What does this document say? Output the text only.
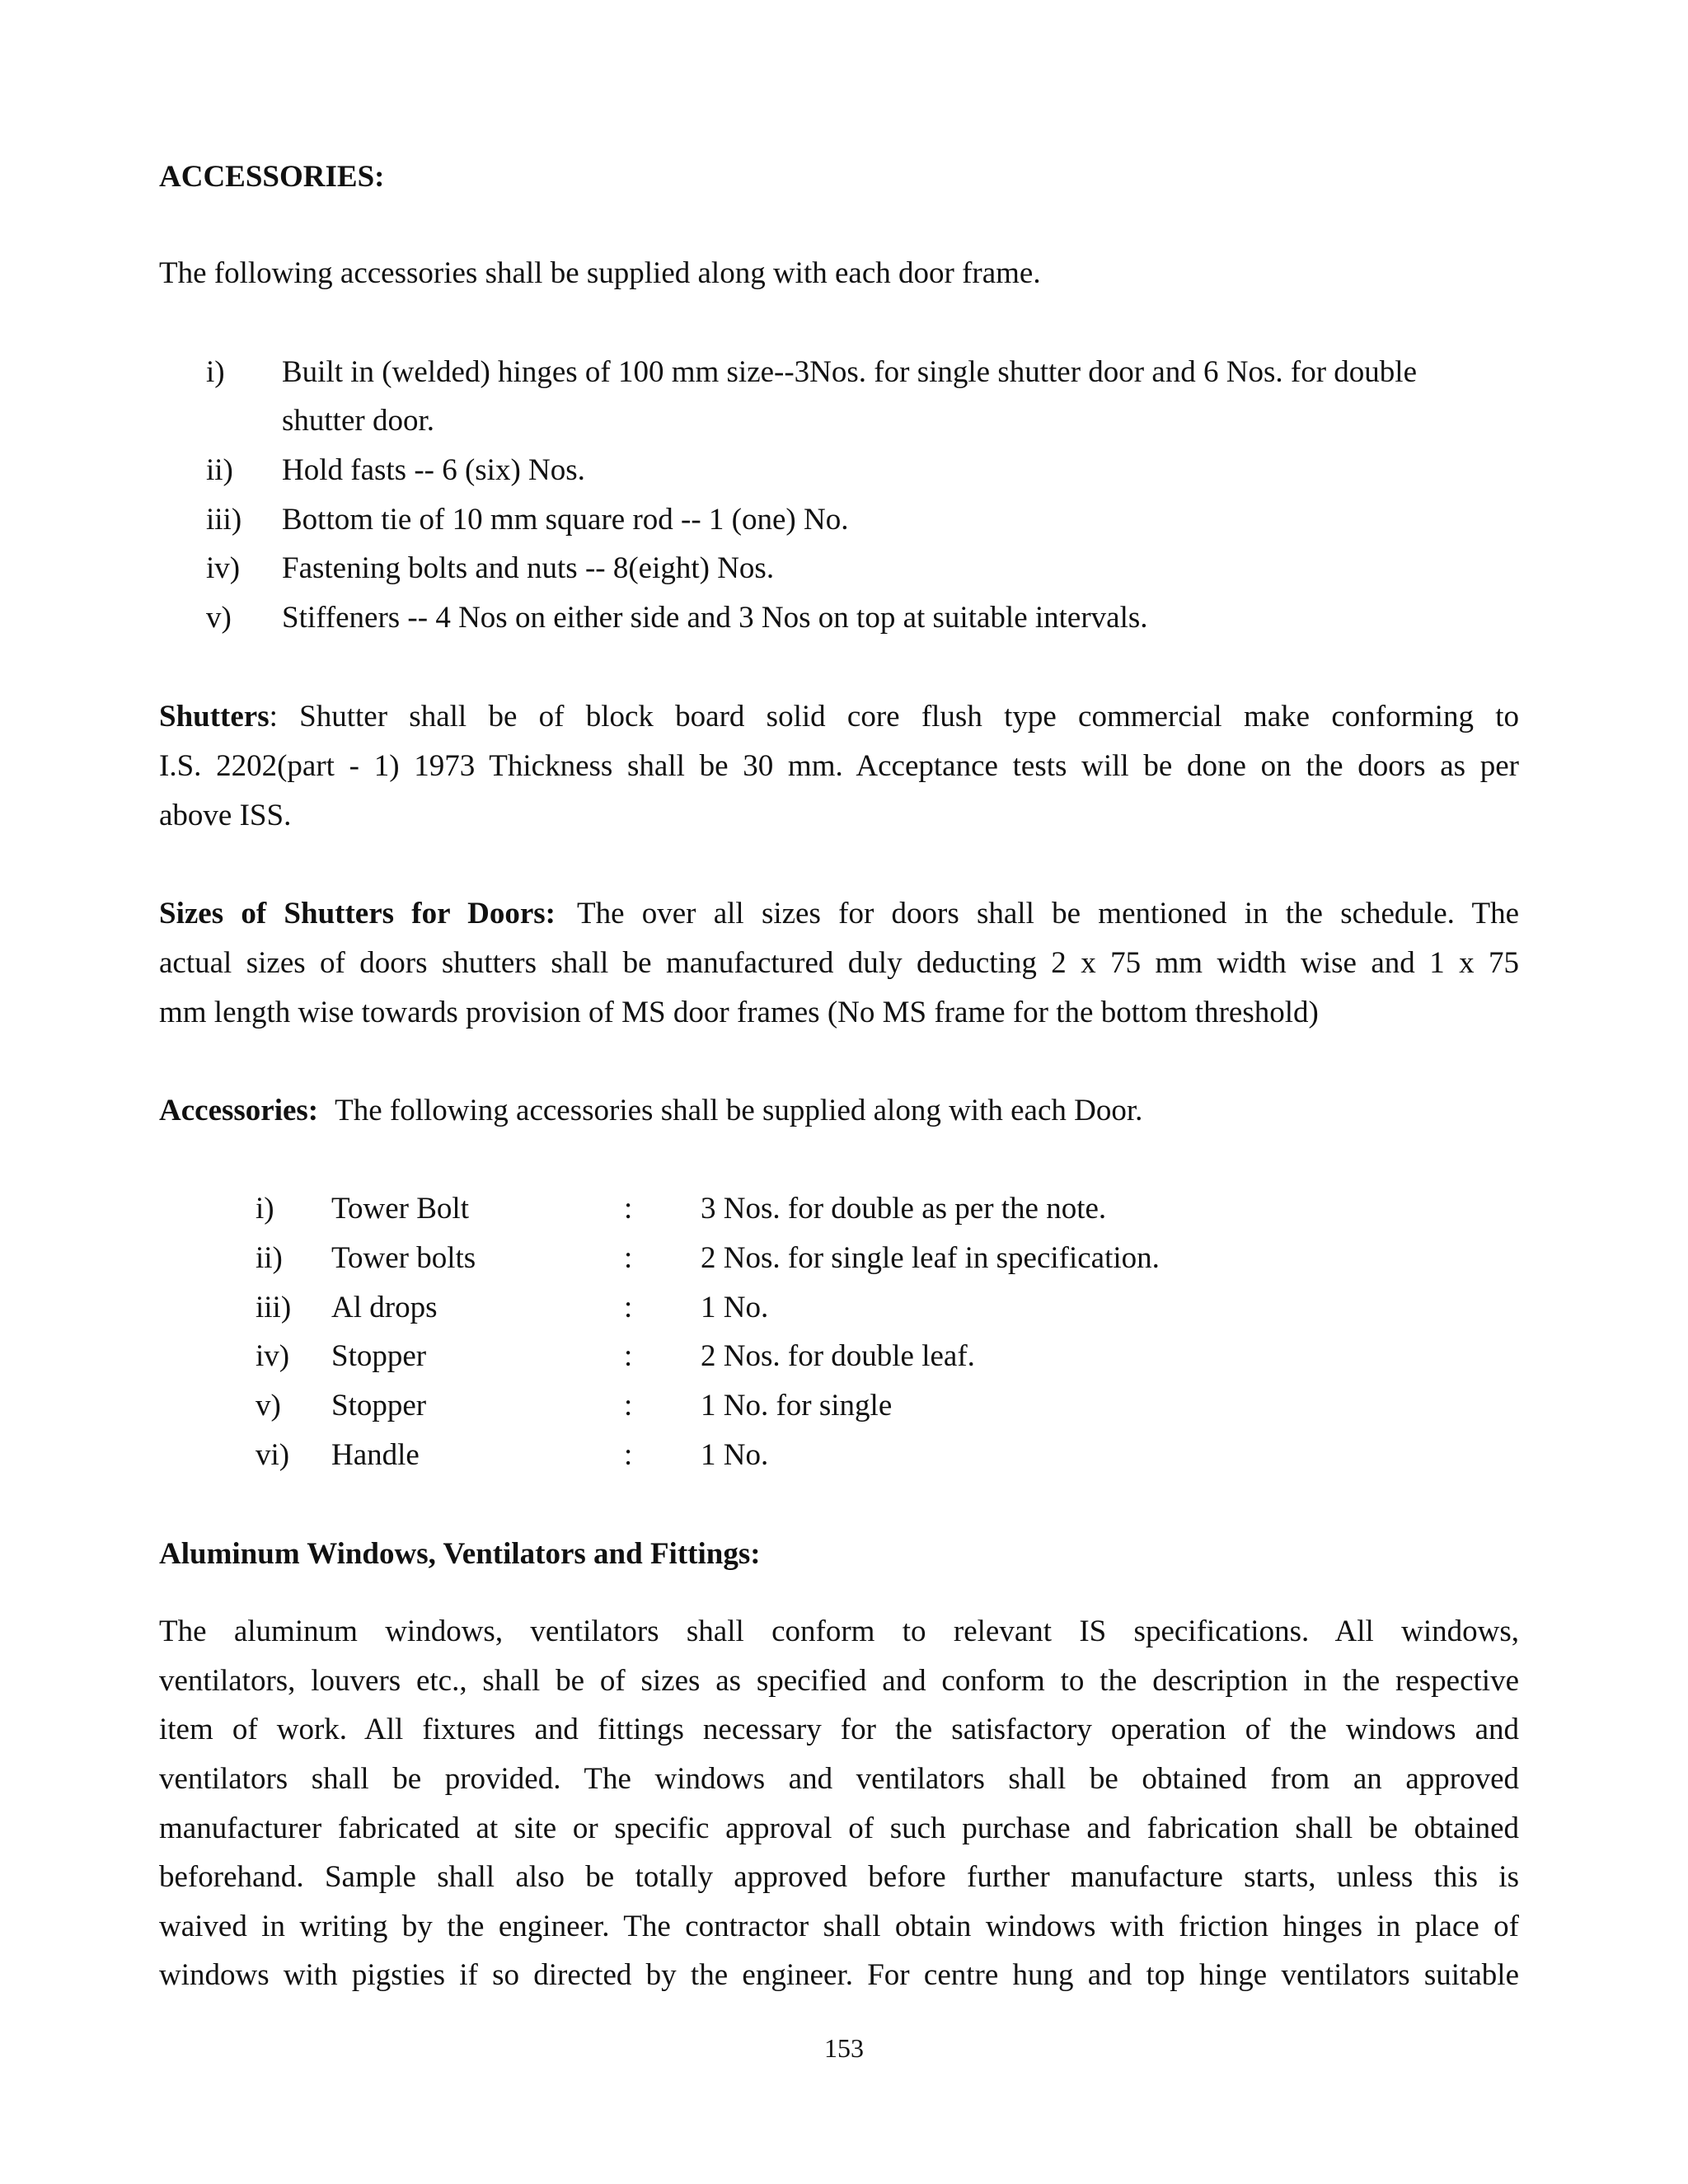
ACCESSORIES:
The following accessories shall be supplied along with each door frame.
i) Built in (welded) hinges of 100 mm size--3Nos. for single shutter door and 6 Nos. for double
shutter door.
ii) Hold fasts -- 6 (six) Nos.
iii) Bottom tie of 10 mm square rod -- 1 (one) No.
iv) Fastening bolts and nuts -- 8(eight) Nos.
v) Stiffeners -- 4 Nos on either side and 3 Nos on top at suitable intervals.
Shutters: Shutter shall be of block board solid core flush type commercial make conforming to
I.S. 2202(part - 1) 1973 Thickness shall be 30 mm. Acceptance tests will be done on the doors as per
above ISS.
Sizes of Shutters for Doors: The over all sizes for doors shall be mentioned in the schedule. The
actual sizes of doors shutters shall be manufactured duly deducting 2 x 75 mm width wise and 1 x 75
mm length wise towards provision of MS door frames (No MS frame for the bottom threshold)
Accessories: The following accessories shall be supplied along with each Door.
i) Tower Bolt	: 3 Nos. for double as per the note.
ii) Tower bolts	: 2 Nos. for single leaf in specification.
iii) Al drops	: 1 No.
iv) Stopper	: 2 Nos. for double leaf.
v) Stopper	: 1 No. for single
vi) Handle	: 1 No.
Aluminum Windows, Ventilators and Fittings:
The aluminum windows, ventilators shall conform to relevant IS specifications. All windows,
ventilators, louvers etc., shall be of sizes as specified and conform to the description in the respective
item of work. All fixtures and fittings necessary for the satisfactory operation of the windows and
ventilators shall be provided. The windows and ventilators shall be obtained from an approved
manufacturer fabricated at site or specific approval of such purchase and fabrication shall be obtained
beforehand. Sample shall also be totally approved before further manufacture starts, unless this is
waived in writing by the engineer. The contractor shall obtain windows with friction hinges in place of
windows with pigsties if so directed by the engineer. For centre hung and top hinge ventilators suitable
153
